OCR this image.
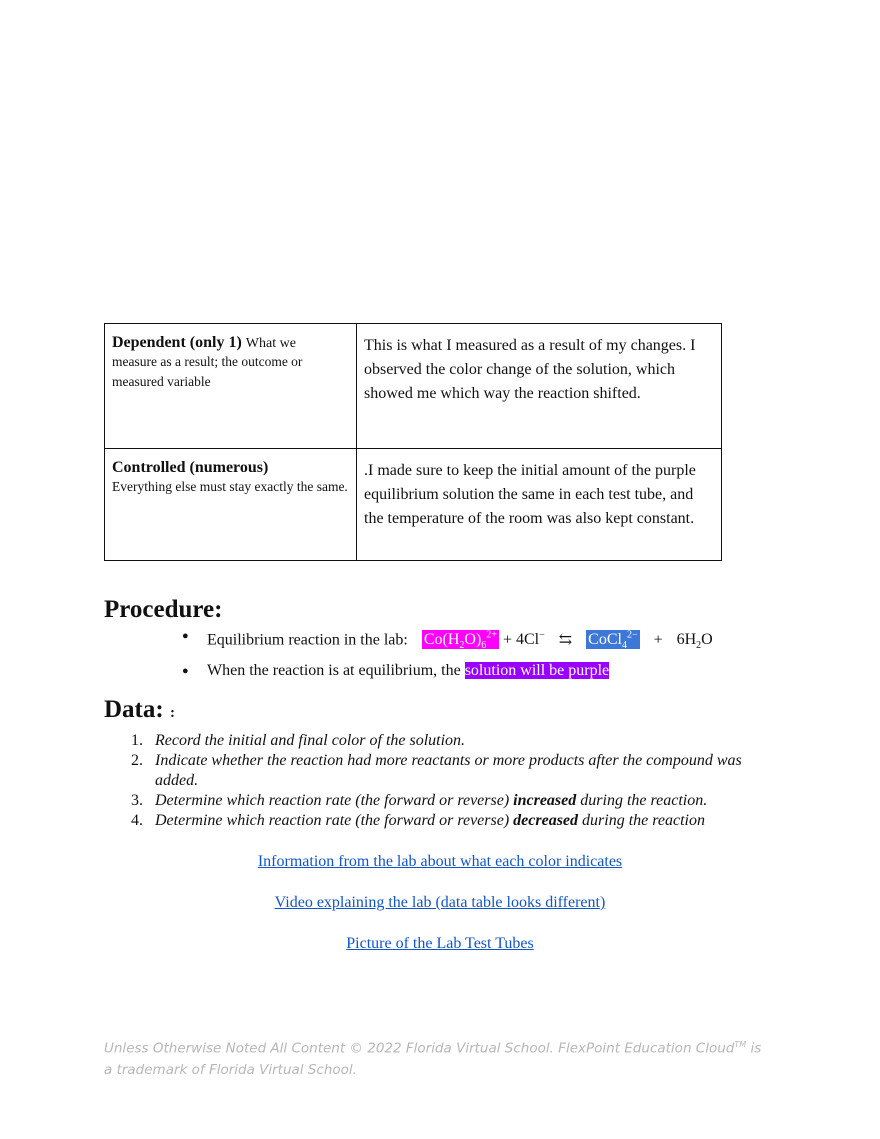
Dependent (only 1) What we
measure as a result; the outcome or measured variable	This is what I measured as a result of my changes. I observed the color change of the solution, which showed me which way the reaction shifted.

Controlled (numerous)
Everything else must stay exactly the same.	.I made sure to keep the initial amount of the purple equilibrium solution the same in each test tube, and the temperature of the room was also kept constant.
Procedure:
● Equilibrium reaction in the lab: $Co(H_2O)_6^{2+} + 4Cl^-$ ⇆ CoCl$_4^{2-}$ + $6H_2O$
● When the reaction is at equilibrium, the solution will be purple
Data: :
1. Record the initial and final color of the solution.
2. Indicate whether the reaction had more reactants or more products after the compound was added.
3. Determine which reaction rate (the forward or reverse) increased during the reaction.
4. Determine which reaction rate (the forward or reverse) decreased during the reaction
Information from the lab about what each color indicates
Video explaining the lab (data table looks different)
Picture of the Lab Test Tubes
Unless Otherwise Noted All Content © 2022 Florida Virtual School. FlexPoint Education Cloud™ is a trademark of Florida Virtual School.
